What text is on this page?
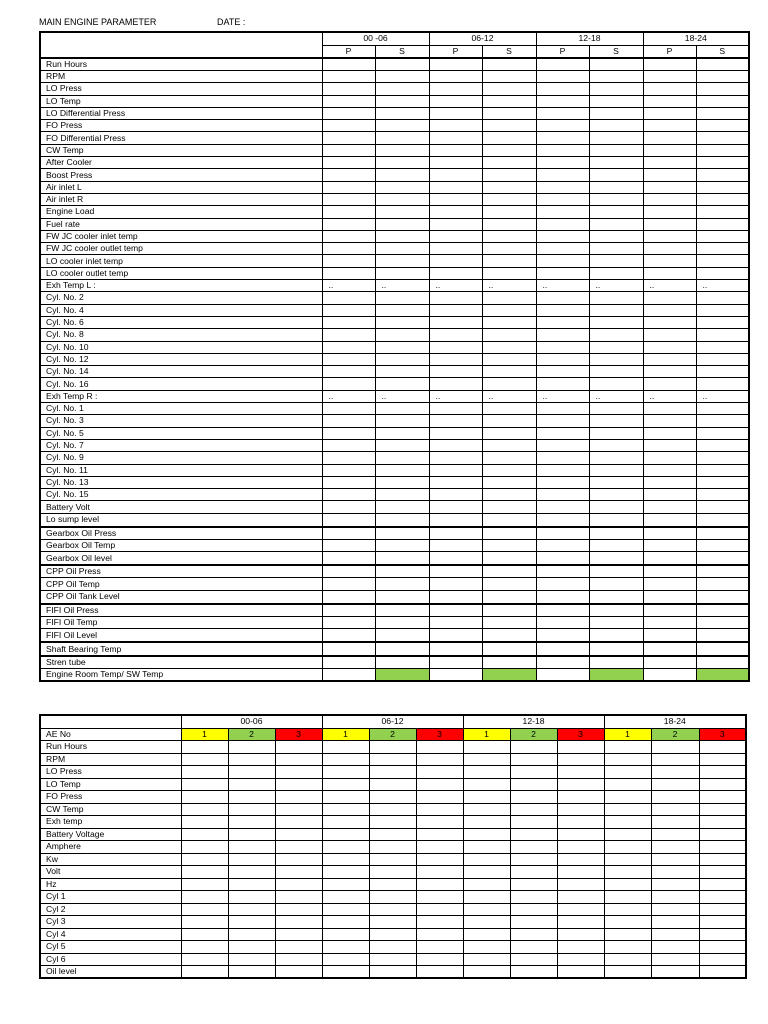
MAIN ENGINE PARAMETER	DATE :
	00 -06		06-12		12-18		18-24	
	P	S	P	S	P	S	P	S
Run Hours								
RPM								
LO Press								
LO Temp								
LO Differential Press								
FO Press								
FO Differential Press								
CW Temp								
After Cooler								
Boost Press								
Air inlet L								
Air inlet R								
Engine Load								
Fuel rate								
FW JC cooler inlet temp								
FW JC cooler outlet temp								
LO cooler inlet temp								
LO cooler outlet temp								
Exh Temp L :	..	..	..	..	..	..	..	..
Cyl. No. 2								
Cyl. No. 4								
Cyl. No. 6								
Cyl. No. 8								
Cyl. No. 10								
Cyl. No. 12								
Cyl. No. 14								
Cyl. No. 16								
Exh Temp R :	..	..	..	..	..	..	..	..
Cyl. No. 1								
Cyl. No. 3								
Cyl. No. 5								
Cyl. No. 7								
Cyl. No. 9								
Cyl. No. 11								
Cyl. No. 13								
Cyl. No. 15								
Battery Volt								
Lo sump level								
Gearbox Oil Press								
Gearbox Oil Temp								
Gearbox Oil level								
CPP Oil Press								
CPP Oil Temp								
CPP Oil Tank Level								
FIFI Oil Press								
FIFI Oil Temp								
FIFI Oil Level								
Shaft Bearing Temp								
Stren tube								
Engine Room Temp/ SW Temp								
	00-06			06-12			12-18			18-24		
AE No	1	2	3	1	2	3	1	2	3	1	2	3
Run Hours												
RPM												
LO Press												
LO Temp												
FO Press												
CW Temp												
Exh temp												
Battery Voltage												
Amphere												
Kw												
Volt												
Hz												
Cyl 1												
Cyl 2												
Cyl 3												
Cyl 4												
Cyl 5												
Cyl 6												
Oil level												
